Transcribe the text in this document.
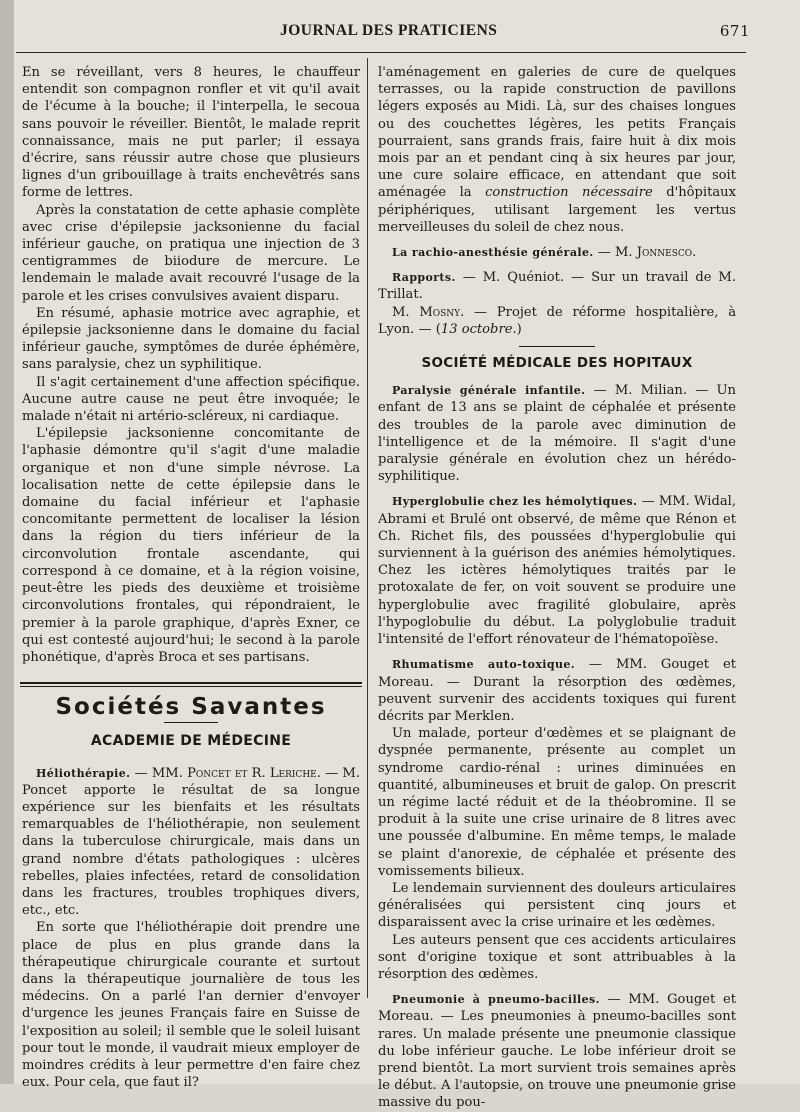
JOURNAL DES PRATICIENS	671

En se réveillant, vers 8 heures, le chauffeur entendit son compagnon ronfler et vit qu'il avait de l'écume à la bouche; il l'interpella, le secoua sans pouvoir le réveiller. Bientôt, le malade reprit connaissance, mais ne put parler; il essaya d'écrire, sans réussir autre chose que plusieurs lignes d'un gribouillage à traits enchevêtrés sans forme de lettres.

Après la constatation de cette aphasie complète avec crise d'épilepsie jacksonienne du facial inférieur gauche, on pratiqua une injection de 3 centigrammes de biiodure de mercure. Le lendemain le malade avait recouvré l'usage de la parole et les crises convulsives avaient disparu.

En résumé, aphasie motrice avec agraphie, et épilepsie jacksonienne dans le domaine du facial inférieur gauche, symptômes de durée éphémère, sans paralysie, chez un syphilitique.

Il s'agit certainement d'une affection spécifique. Aucune autre cause ne peut être invoquée; le malade n'était ni artério-scléreux, ni cardiaque.

L'épilepsie jacksonienne concomitante de l'aphasie démontre qu'il s'agit d'une maladie organique et non d'une simple névrose. La localisation nette de cette épilepsie dans le domaine du facial inférieur et l'aphasie concomitante permettent de localiser la lésion dans la région du tiers inférieur de la circonvolution frontale ascendante, qui correspond à ce domaine, et à la région voisine, peut-être les pieds des deuxième et troisième circonvolutions frontales, qui répondraient, le premier à la parole graphique, d'après Exner, ce qui est contesté aujourd'hui; le second à la parole phonétique, d'après Broca et ses partisans.

Sociétés Savantes
ACADEMIE DE MÉDECINE

Héliothérapie. — MM. Poncet et R. Leriche. — M. Poncet apporte le résultat de sa longue expérience sur les bienfaits et les résultats remarquables de l'héliothérapie, non seulement dans la tuberculose chirurgicale, mais dans un grand nombre d'états pathologiques : ulcères rebelles, plaies infectées, retard de consolidation dans les fractures, troubles trophiques divers, etc., etc.

En sorte que l'héliothérapie doit prendre une place de plus en plus grande dans la thérapeutique chirurgicale courante et surtout dans la thérapeutique journalière de tous les médecins. On a parlé l'an dernier d'envoyer d'urgence les jeunes Français faire en Suisse de l'exposition au soleil; il semble que le soleil luisant pour tout le monde, il vaudrait mieux employer de moindres crédits à leur permettre d'en faire chez eux. Pour cela, que faut il?

l'aménagement en galeries de cure de quelques terrasses, ou la rapide construction de pavillons légers exposés au Midi. Là, sur des chaises longues ou des couchettes légères, les petits Français pourraient, sans grands frais, faire huit à dix mois mois par an et pendant cinq à six heures par jour, une cure solaire efficace, en attendant que soit aménagée la construction nécessaire d'hôpitaux périphériques, utilisant largement les vertus merveilleuses du soleil de chez nous.

La rachio-anesthésie générale. — M. Jonnesco.

Rapports. — M. Quéniot. — Sur un travail de M. Trillat.

M. Mosny. — Projet de réforme hospitalière, à Lyon. — (13 octobre.)

SOCIÉTÉ MÉDICALE DES HOPITAUX

Paralysie générale infantile. — M. Milian. — Un enfant de 13 ans se plaint de céphalée et présente des troubles de la parole avec diminution de l'intelligence et de la mémoire. Il s'agit d'une paralysie générale en évolution chez un hérédo-syphilitique.

Hyperglobulie chez les hémolytiques. — MM. Widal, Abrami et Brulé ont observé, de même que Rénon et Ch. Richet fils, des poussées d'hyperglobulie qui surviennent à la guérison des anémies hémolytiques. Chez les ictères hémolytiques traités par le protoxalate de fer, on voit souvent se produire une hyperglobulie avec fragilité globulaire, après l'hypoglobulie du début. La polyglobulie traduit l'intensité de l'effort rénovateur de l'hématopoïèse.

Rhumatisme auto-toxique. — MM. Gouget et Moreau. — Durant la résorption des œdèmes, peuvent survenir des accidents toxiques qui furent décrits par Merklen.

Un malade, porteur d'œdèmes et se plaignant de dyspnée permanente, présente au complet un syndrome cardio-rénal : urines diminuées en quantité, albumineuses et bruit de galop. On prescrit un régime lacté réduit et de la théobromine. Il se produit à la suite une crise urinaire de 8 litres avec une poussée d'albumine. En même temps, le malade se plaint d'anorexie, de céphalée et présente des vomissements bilieux.

Le lendemain surviennent des douleurs articulaires généralisées qui persistent cinq jours et disparaissent avec la crise urinaire et les œdèmes.

Les auteurs pensent que ces accidents articulaires sont d'origine toxique et sont attribuables à la résorption des œdèmes.

Pneumonie à pneumo-bacilles. — MM. Gouget et Moreau. — Les pneumonies à pneumo-bacilles sont rares. Un malade présente une pneumonie classique du lobe inférieur gauche. Le lobe inférieur droit se prend bientôt. La mort survient trois semaines après le début. A l'autopsie, on trouve une pneumonie grise massive du pou-
